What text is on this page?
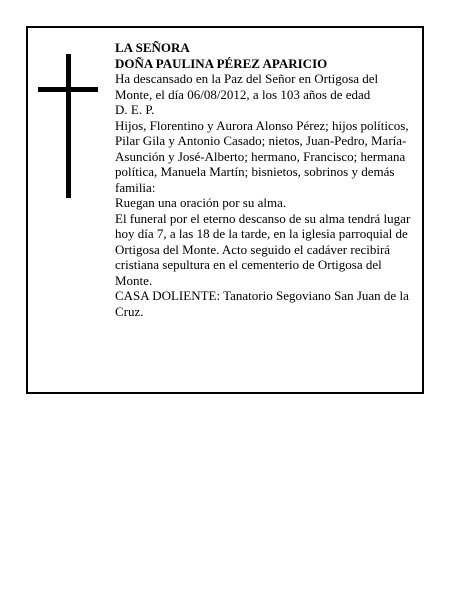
LA SEÑORA

DOÑA PAULINA PÉREZ APARICIO

Ha descansado en la Paz del Señor en Ortigosa del Monte, el día 06/08/2012, a los 103 años de edad

D. E. P.

Hijos, Florentino y Aurora Alonso Pérez; hijos políticos, Pilar Gila y Antonio Casado; nietos, Juan-Pedro, María-Asunción y José-Alberto; hermano, Francisco; hermana política, Manuela Martín; bisnietos, sobrinos y demás familia:

Ruegan una oración por su alma.

El funeral por el eterno descanso de su alma tendrá lugar hoy día 7, a las 18 de la tarde, en la iglesia parroquial de Ortigosa del Monte. Acto seguido el cadáver recibirá cristiana sepultura en el cementerio de Ortigosa del Monte.

CASA DOLIENTE: Tanatorio Segoviano San Juan de la Cruz.
